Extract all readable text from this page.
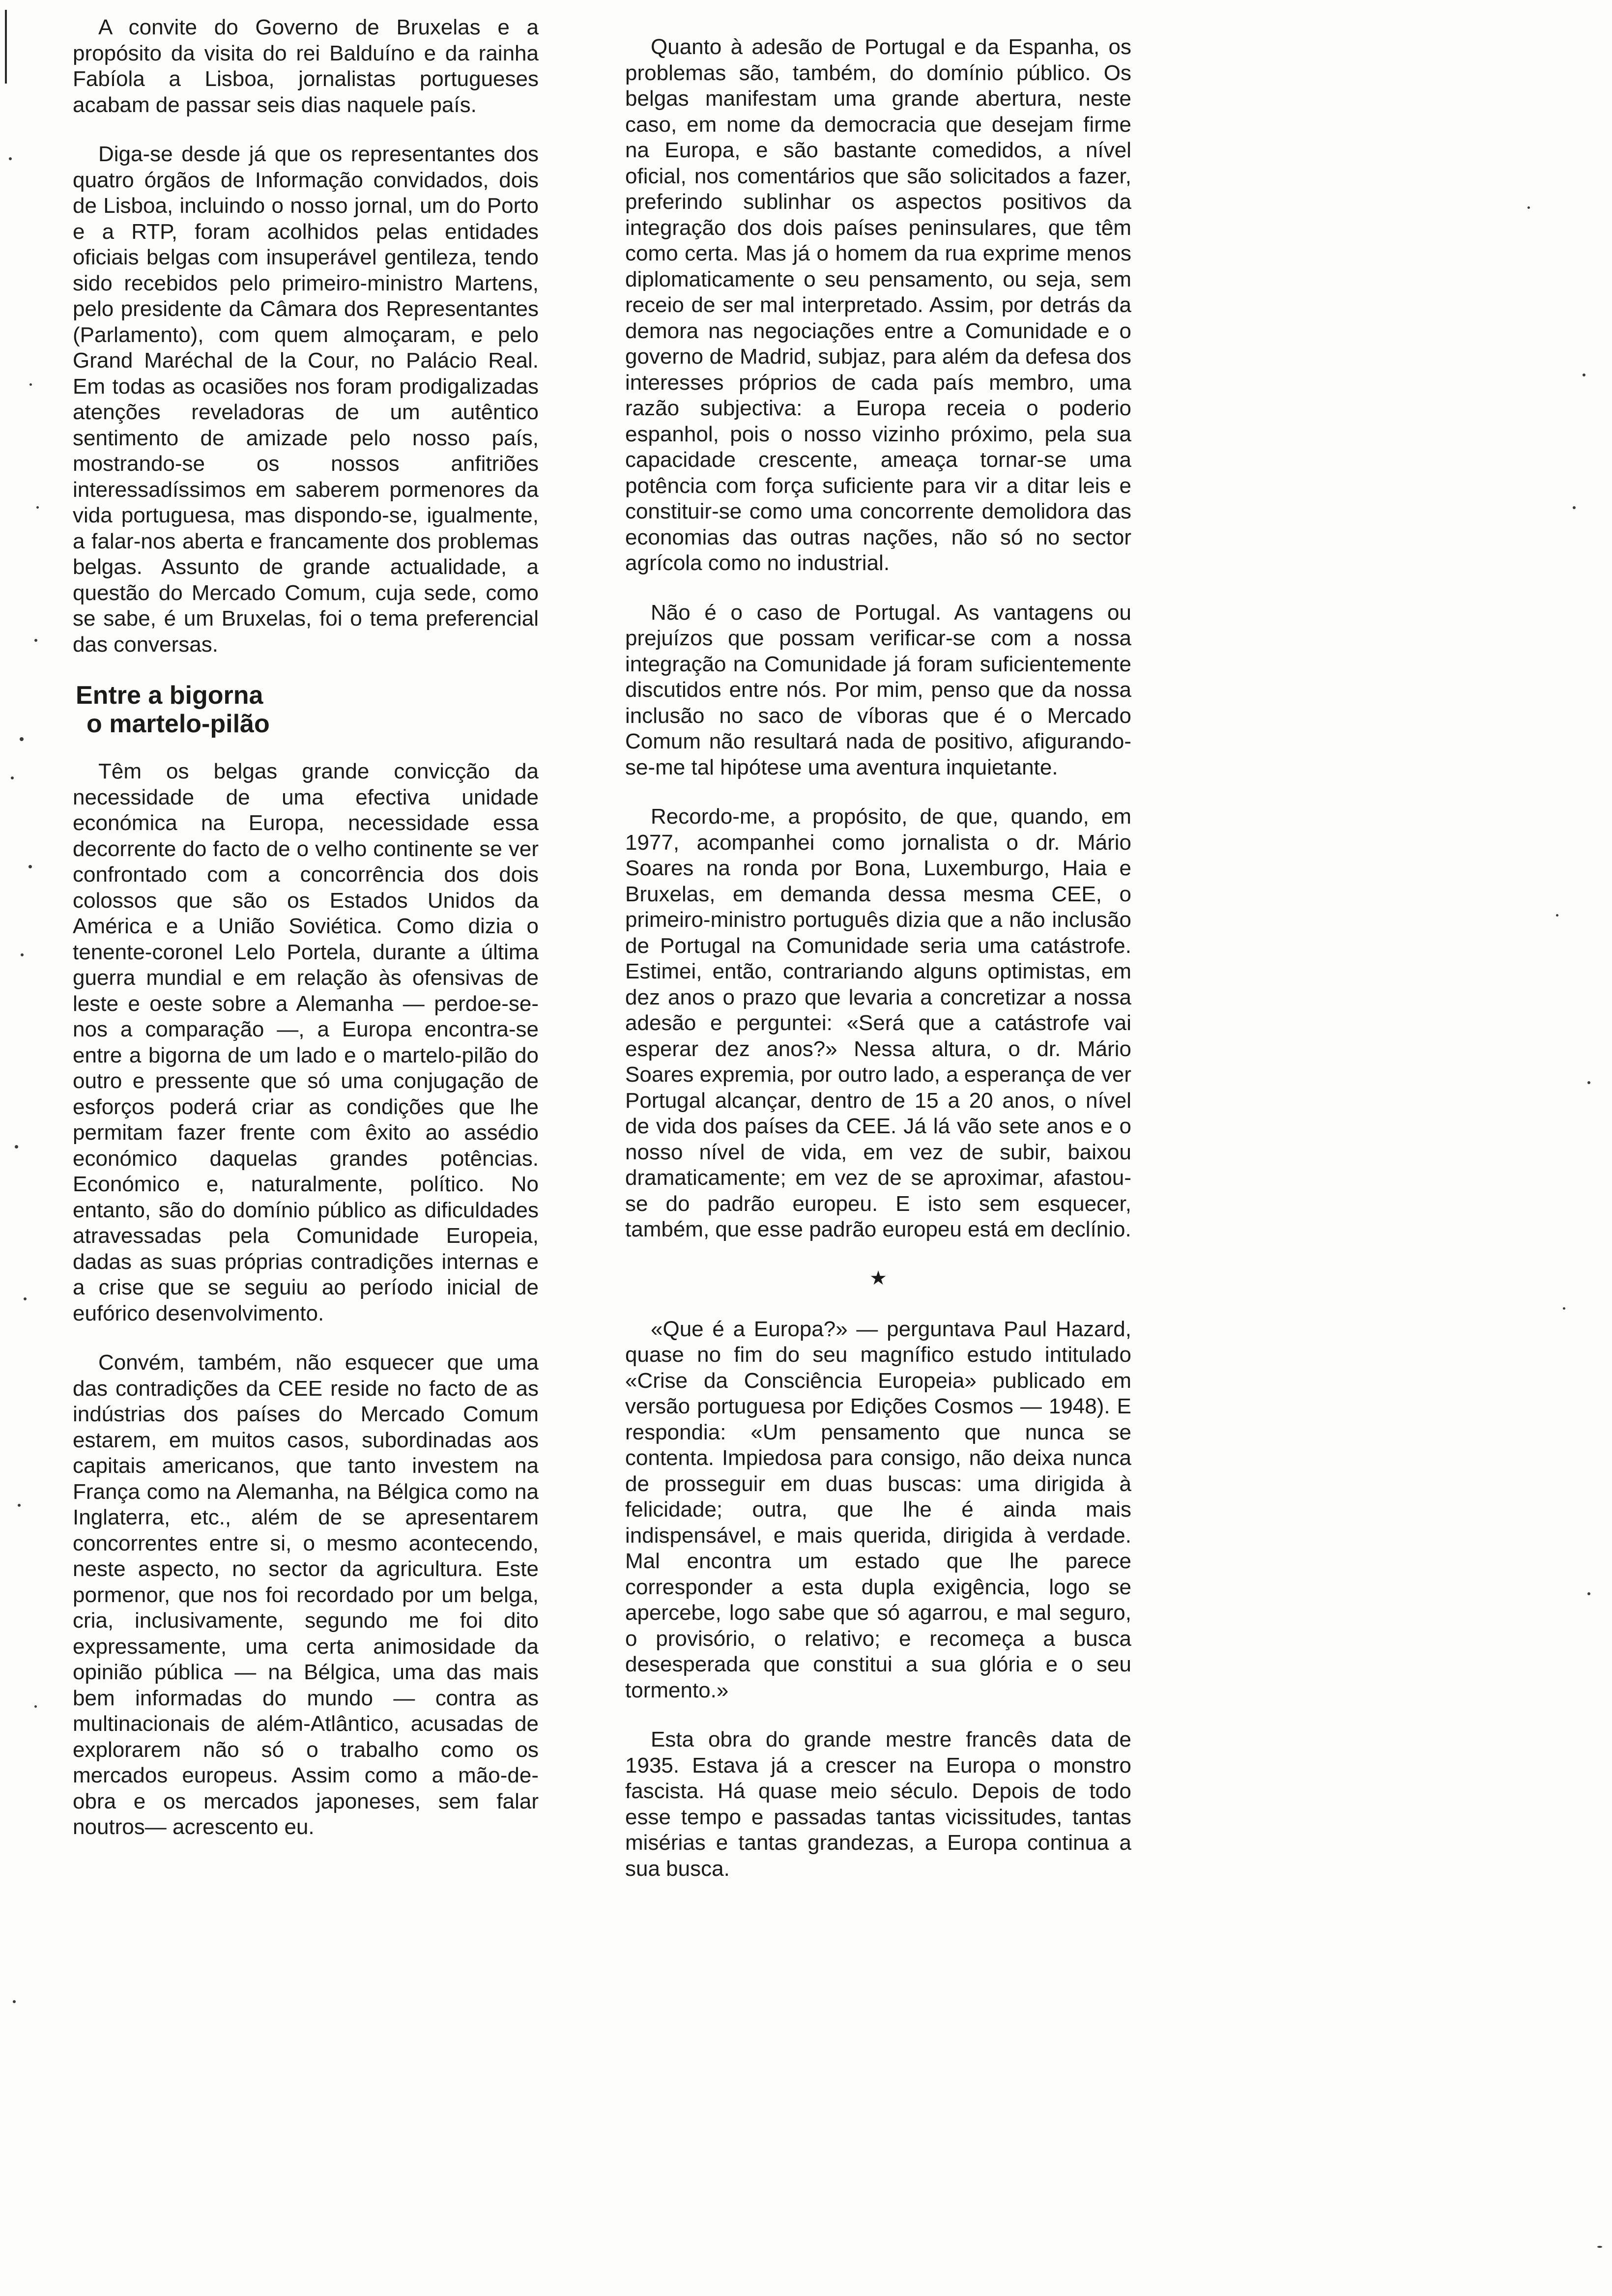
A convite do Governo de Bruxelas e a propósito da visita do rei Balduíno e da rainha Fabíola a Lisboa, jornalistas portugueses acabam de passar seis dias naquele país.

Diga-se desde já que os representantes dos quatro órgãos de Informação convidados, dois de Lisboa, incluindo o nosso jornal, um do Porto e a RTP, foram acolhidos pelas entidades oficiais belgas com insuperável gentileza, tendo sido recebidos pelo primeiro-ministro Martens, pelo presidente da Câmara dos Representantes (Parlamento), com quem almoçaram, e pelo Grand Maréchal de la Cour, no Palácio Real. Em todas as ocasiões nos foram prodigalizadas atenções reveladoras de um autêntico sentimento de amizade pelo nosso país, mostrando-se os nossos anfitriões interessadíssimos em saberem pormenores da vida portuguesa, mas dispondo-se, igualmente, a falar-nos aberta e francamente dos problemas belgas. Assunto de grande actualidade, a questão do Mercado Comum, cuja sede, como se sabe, é um Bruxelas, foi o tema preferencial das conversas.

Entre a bigorna
o martelo-pilão

Têm os belgas grande convicção da necessidade de uma efectiva unidade económica na Europa, necessidade essa decorrente do facto de o velho continente se ver confrontado com a concorrência dos dois colossos que são os Estados Unidos da América e a União Soviética. Como dizia o tenente-coronel Lelo Portela, durante a última guerra mundial e em relação às ofensivas de leste e oeste sobre a Alemanha — perdoe-se-nos a comparação —, a Europa encontra-se entre a bigorna de um lado e o martelo-pilão do outro e pressente que só uma conjugação de esforços poderá criar as condições que lhe permitam fazer frente com êxito ao assédio económico daquelas grandes potências. Económico e, naturalmente, político. No entanto, são do domínio público as dificuldades atravessadas pela Comunidade Europeia, dadas as suas próprias contradições internas e a crise que se seguiu ao período inicial de eufórico desenvolvimento.

Convém, também, não esquecer que uma das contradições da CEE reside no facto de as indústrias dos países do Mercado Comum estarem, em muitos casos, subordinadas aos capitais americanos, que tanto investem na França como na Alemanha, na Bélgica como na Inglaterra, etc., além de se apresentarem concorrentes entre si, o mesmo acontecendo, neste aspecto, no sector da agricultura. Este pormenor, que nos foi recordado por um belga, cria, inclusivamente, segundo me foi dito expressamente, uma certa animosidade da opinião pública — na Bélgica, uma das mais bem informadas do mundo — contra as multinacionais de além-Atlântico, acusadas de explorarem não só o trabalho como os mercados europeus. Assim como a mão-de-obra e os mercados japoneses, sem falar noutros— acrescento eu.

Quanto à adesão de Portugal e da Espanha, os problemas são, também, do domínio público. Os belgas manifestam uma grande abertura, neste caso, em nome da democracia que desejam firme na Europa, e são bastante comedidos, a nível oficial, nos comentários que são solicitados a fazer, preferindo sublinhar os aspectos positivos da integração dos dois países peninsulares, que têm como certa. Mas já o homem da rua exprime menos diplomaticamente o seu pensamento, ou seja, sem receio de ser mal interpretado. Assim, por detrás da demora nas negociações entre a Comunidade e o governo de Madrid, subjaz, para além da defesa dos interesses próprios de cada país membro, uma razão subjectiva: a Europa receia o poderio espanhol, pois o nosso vizinho próximo, pela sua capacidade crescente, ameaça tornar-se uma potência com força suficiente para vir a ditar leis e constituir-se como uma concorrente demolidora das economias das outras nações, não só no sector agrícola como no industrial.

Não é o caso de Portugal. As vantagens ou prejuízos que possam verificar-se com a nossa integração na Comunidade já foram suficientemente discutidos entre nós. Por mim, penso que da nossa inclusão no saco de víboras que é o Mercado Comum não resultará nada de positivo, afigurando-se-me tal hipótese uma aventura inquietante.

Recordo-me, a propósito, de que, quando, em 1977, acompanhei como jornalista o dr. Mário Soares na ronda por Bona, Luxemburgo, Haia e Bruxelas, em demanda dessa mesma CEE, o primeiro-ministro português dizia que a não inclusão de Portugal na Comunidade seria uma catástrofe. Estimei, então, contrariando alguns optimistas, em dez anos o prazo que levaria a concretizar a nossa adesão e perguntei: «Será que a catástrofe vai esperar dez anos?» Nessa altura, o dr. Mário Soares expremia, por outro lado, a esperança de ver Portugal alcançar, dentro de 15 a 20 anos, o nível de vida dos países da CEE. Já lá vão sete anos e o nosso nível de vida, em vez de subir, baixou dramaticamente; em vez de se aproximar, afastou-se do padrão europeu. E isto sem esquecer, também, que esse padrão europeu está em declínio.

★

«Que é a Europa?» — perguntava Paul Hazard, quase no fim do seu magnífico estudo intitulado «Crise da Consciência Europeia» publicado em versão portuguesa por Edições Cosmos — 1948). E respondia: «Um pensamento que nunca se contenta. Impiedosa para consigo, não deixa nunca de prosseguir em duas buscas: uma dirigida à felicidade; outra, que lhe é ainda mais indispensável, e mais querida, dirigida à verdade. Mal encontra um estado que lhe parece corresponder a esta dupla exigência, logo se apercebe, logo sabe que só agarrou, e mal seguro, o provisório, o relativo; e recomeça a busca desesperada que constitui a sua glória e o seu tormento.»

Esta obra do grande mestre francês data de 1935. Estava já a crescer na Europa o monstro fascista. Há quase meio século. Depois de todo esse tempo e passadas tantas vicissitudes, tantas misérias e tantas grandezas, a Europa continua a sua busca.
